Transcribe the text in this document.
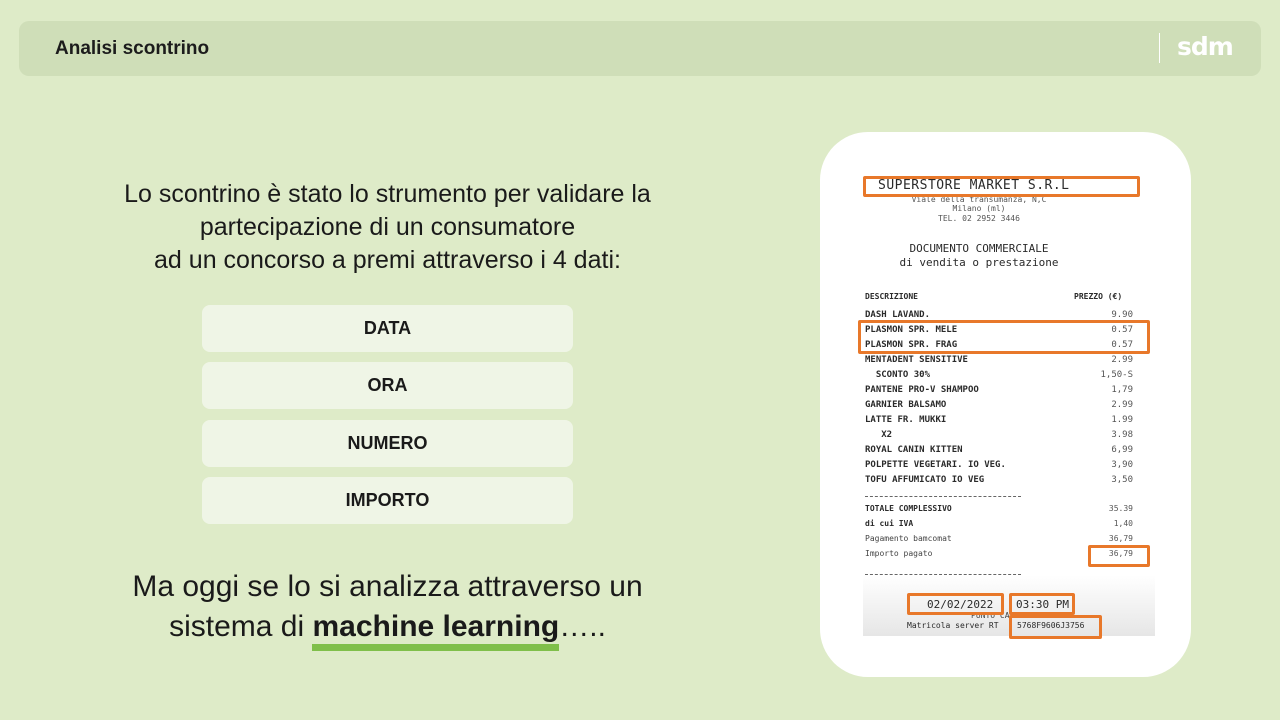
Analisi scontrino	sdm
Lo scontrino è stato lo strumento per validare la
partecipazione di un consumatore
ad un concorso a premi attraverso i 4 dati:
DATA
ORA
NUMERO
IMPORTO
Ma oggi se lo si analizza attraverso un
sistema di machine learning…..
SUPERSTORE MARKET S.R.L
Viale della transumanza, N,C
Milano (ml)
TEL. 02 2952 3446
DOCUMENTO COMMERCIALE
di vendita o prestazione
DESCRIZIONE	PREZZO (€)
DASH LAVAND.	9.90
PLASMON SPR. MELE	0.57
PLASMON SPR. FRAG	0.57
MENTADENT SENSITIVE	2.99
SCONTO 30%	1,50-S
PANTENE PRO-V SHAMPOO	1,79
GARNIER BALSAMO	2.99
LATTE FR. MUKKI	1.99
X2	3.98
ROYAL CANIN KITTEN	6,99
POLPETTE VEGETARI. IO VEG.	3,90
TOFU AFFUMICATO IO VEG	3,50
TOTALE COMPLESSIVO	35.39
di cui IVA	1,40
Pagamento bamcomat	36,79
Importo pagato	36,79
02/02/2022 03:30 PM
PUNTO CASSA:
Matricola server RT 5768F9606J3756
